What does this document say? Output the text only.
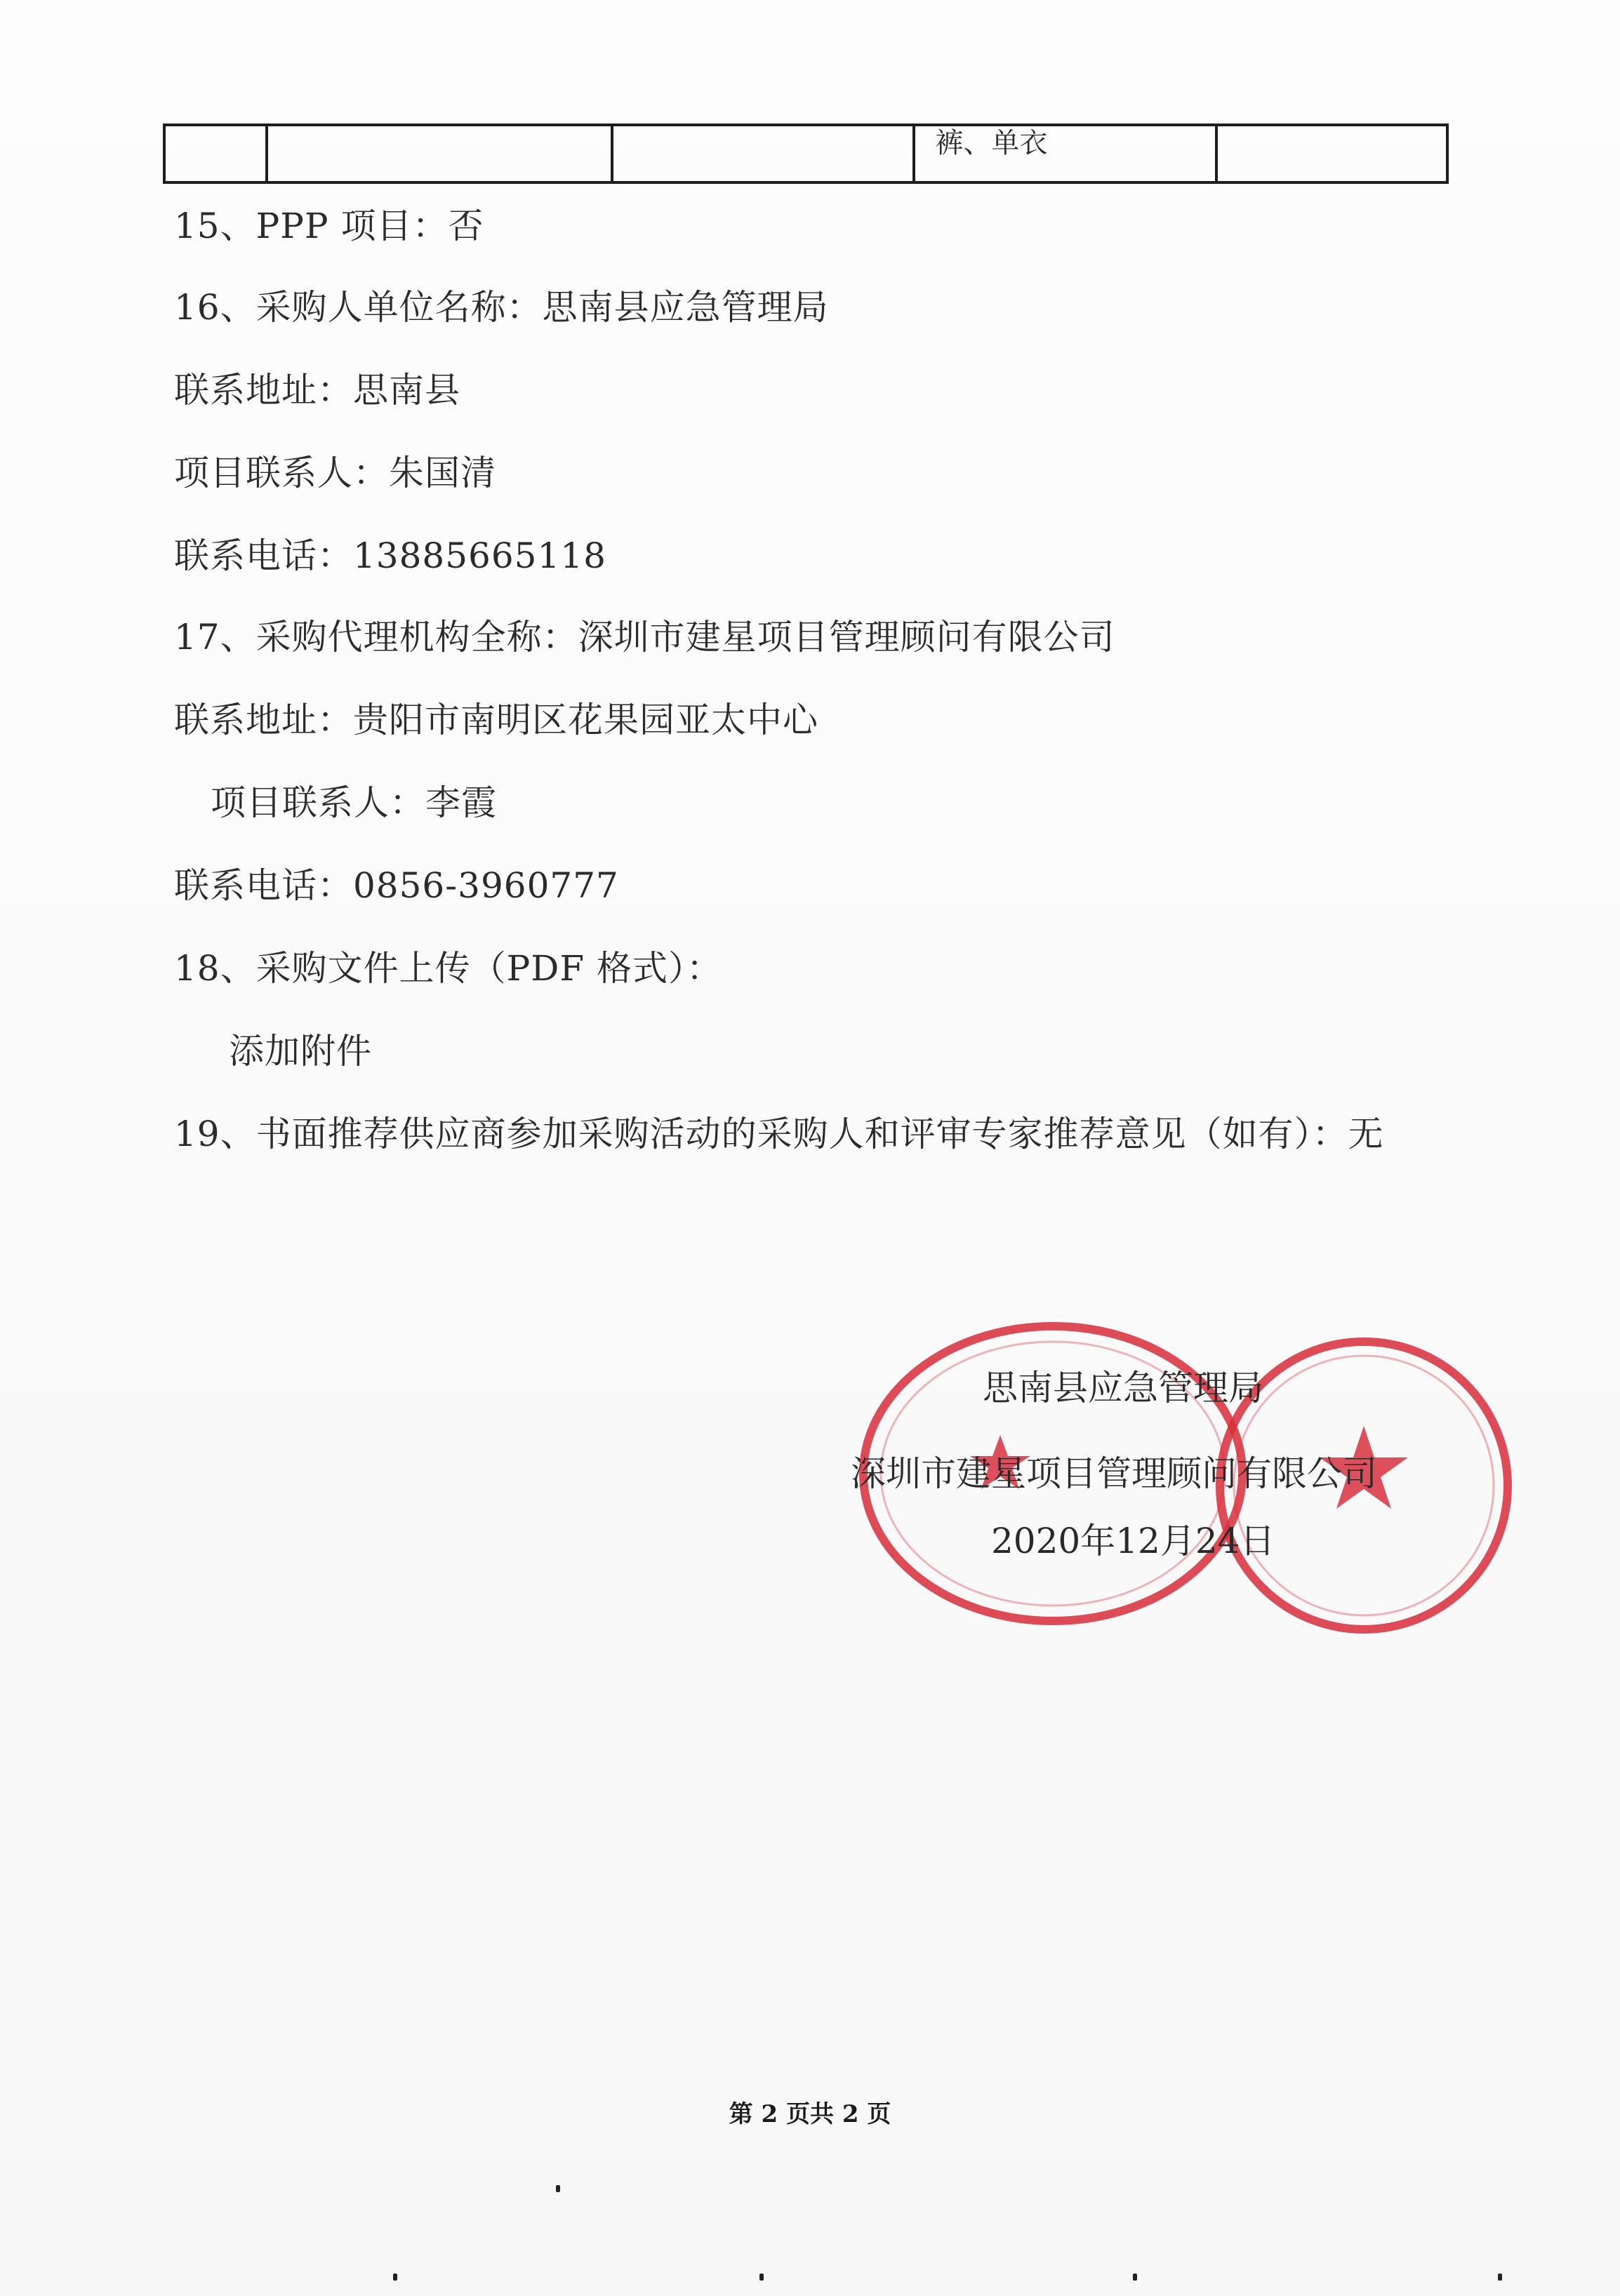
裤、单衣

15、PPP 项目：否
16、采购人单位名称：思南县应急管理局
联系地址：思南县
项目联系人：朱国清
联系电话：13885665118
17、采购代理机构全称：深圳市建星项目管理顾问有限公司
联系地址：贵阳市南明区花果园亚太中心
项目联系人：李霞
联系电话：0856-3960777
18、采购文件上传（PDF 格式）：
添加附件
19、书面推荐供应商参加采购活动的采购人和评审专家推荐意见（如有）：无
思南县应急管理局
深圳市建星项目管理顾问有限公司
2020年12月24日
第 2 页共 2 页
